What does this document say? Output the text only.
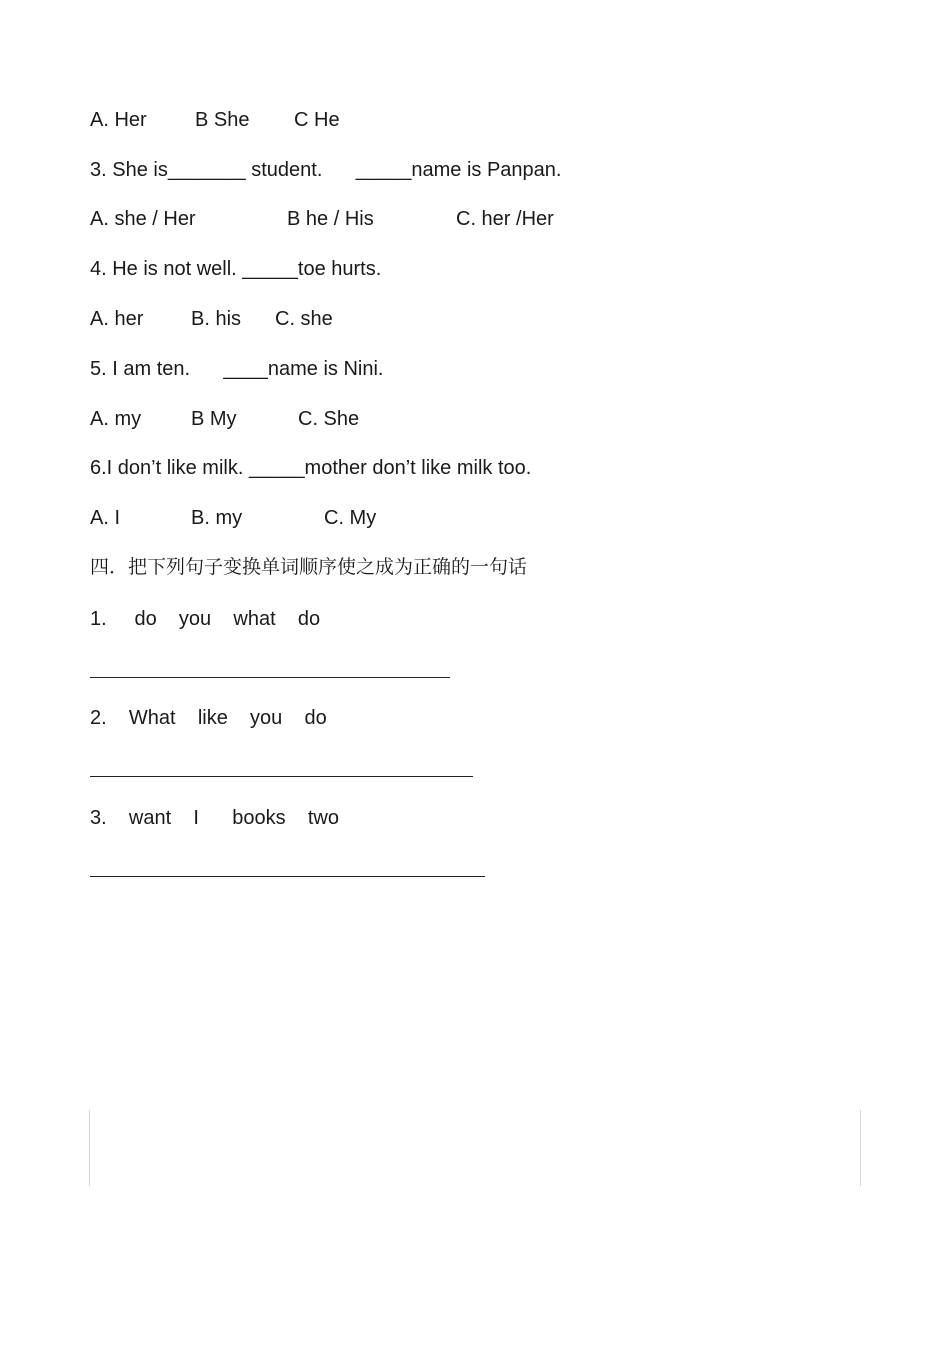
A. Her B She C He
3. She is_______ student.      _____name is Panpan.
A. she / Her	B he / His	C. her /Her
4. He is not well. _____toe hurts.
A. her B. his C. she
5. I am ten.      ____name is Nini.
A. my B My	C. She
6.I don’t like milk. _____mother don’t like milk too.
A. I	B. my	C. My
四．把下列句子变换单词顺序使之成为正确的一句话
1.     do    you    what    do
2.    What    like    you    do
3.    want    I      books    two
